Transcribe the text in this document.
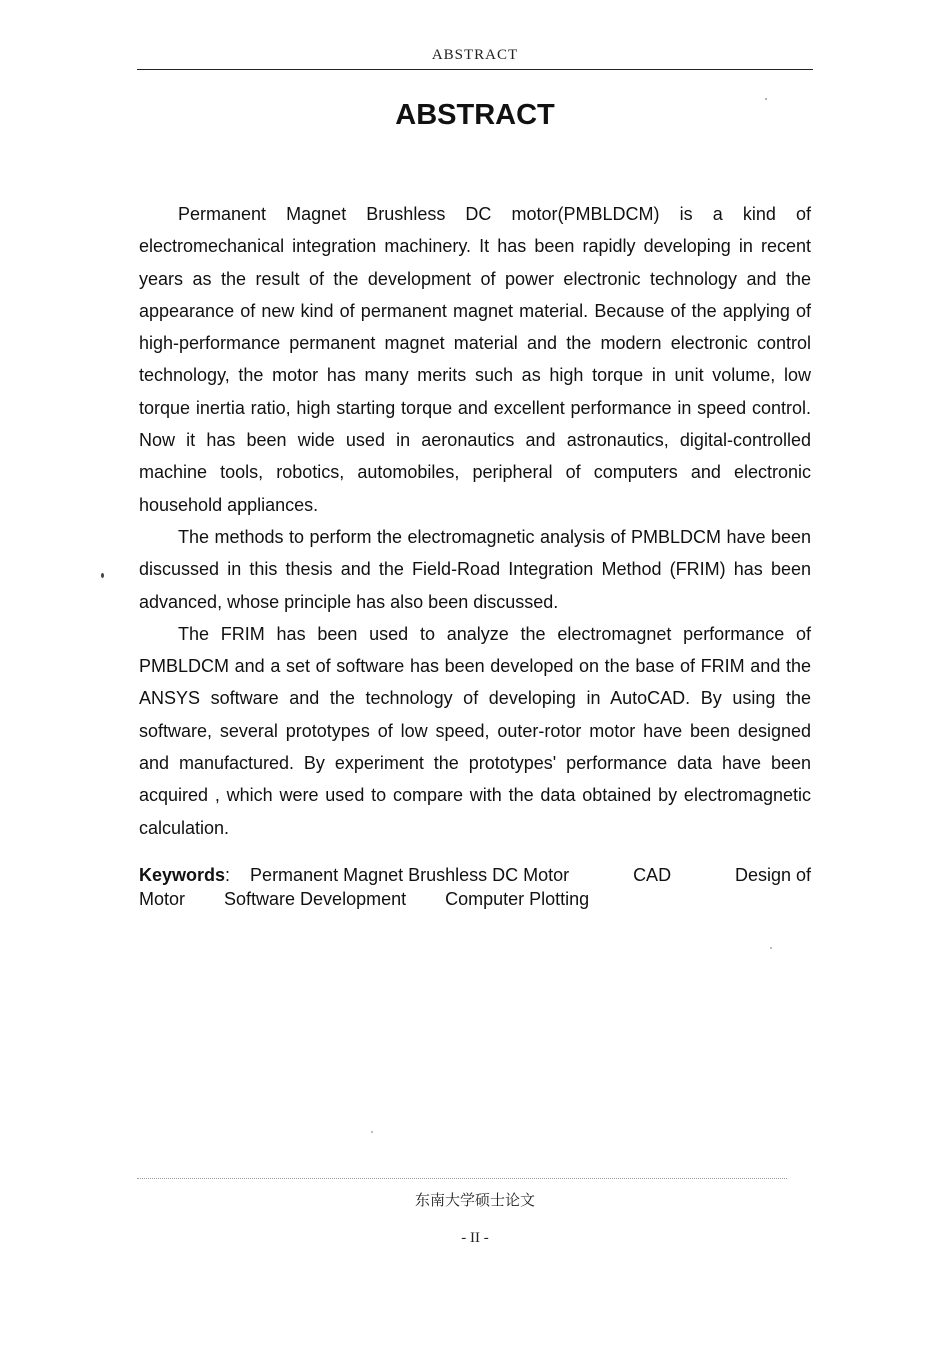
ABSTRACT
ABSTRACT

Permanent Magnet Brushless DC motor(PMBLDCM) is a kind of electromechanical integration machinery. It has been rapidly developing in recent years as the result of the development of power electronic technology and the appearance of new kind of permanent magnet material. Because of the applying of high-performance permanent magnet material and the modern electronic control technology, the motor has many merits such as high torque in unit volume, low torque inertia ratio, high starting torque and excellent performance in speed control. Now it has been wide used in aeronautics and astronautics, digital-controlled machine tools, robotics, automobiles, peripheral of computers and electronic household appliances.

The methods to perform the electromagnetic analysis of PMBLDCM have been discussed in this thesis and the Field-Road Integration Method (FRIM) has been advanced, whose principle has also been discussed.

The FRIM has been used to analyze the electromagnet performance of PMBLDCM and a set of software has been developed on the base of FRIM and the ANSYS software and the technology of developing in AutoCAD. By using the software, several prototypes of low speed, outer-rotor motor have been designed and manufactured. By experiment the prototypes' performance data have been acquired , which were used to compare with the data obtained by electromagnetic calculation.

Keywords : Permanent Magnet Brushless DC Motor	CAD	Design of
Motor Software Development Computer Plotting
东南大学硕士论文
- II -
